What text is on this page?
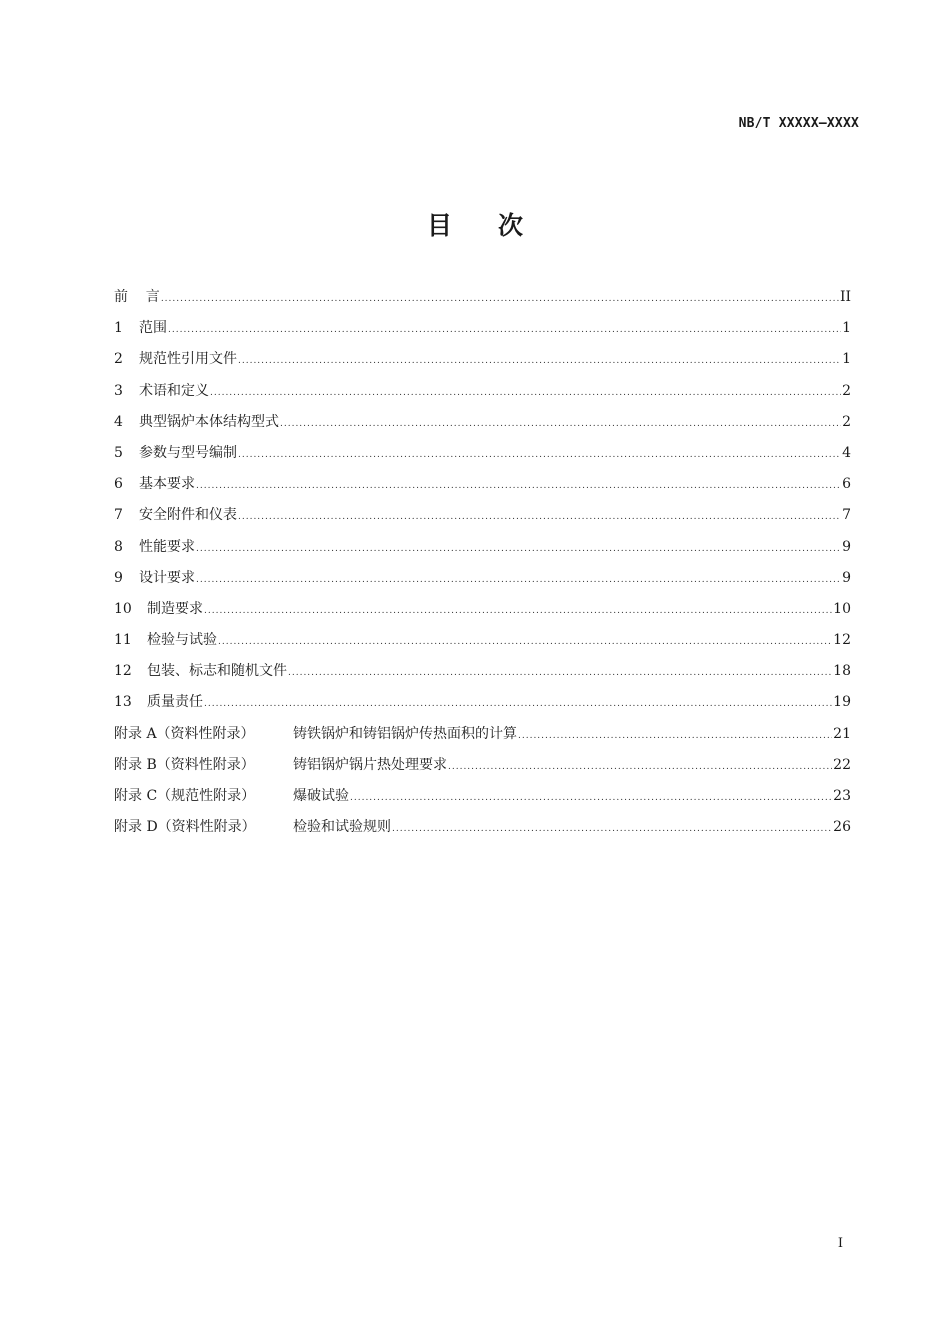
NB/T XXXXX—XXXX
目次
前    言 .....	II
1 范围 .....	1
2 规范性引用文件 .....	1
3 术语和定义 .....	2
4 典型锅炉本体结构型式 .....	2
5 参数与型号编制 .....	4
6 基本要求 .....	6
7 安全附件和仪表 .....	7
8 性能要求 .....	9
9 设计要求 .....	9
10 制造要求 .....	10
11 检验与试验 .....	12
12 包装、标志和随机文件 .....	18
13 质量责任 .....	19
附录 A（资料性附录）	铸铁锅炉和铸铝锅炉传热面积的计算 .....	21
附录 B（资料性附录）	铸铝锅炉锅片热处理要求 .....	22
附录 C（规范性附录）	爆破试验 .....	23
附录 D（资料性附录）	检验和试验规则 .....	26
I
